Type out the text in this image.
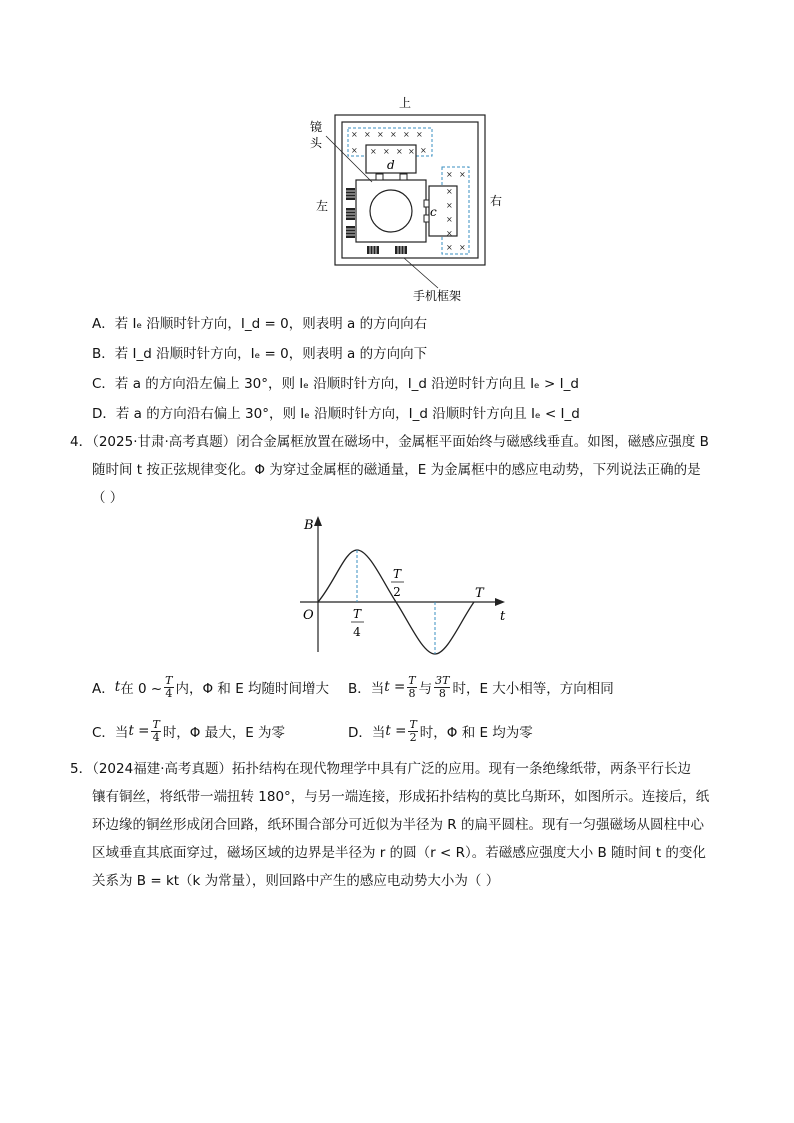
× × × × × ×
×	×
× × × ×
× ×
× ×
×
×
×
×
上
左	右
镜
头
d
c
手机框架
A．若 Iₑ 沿顺时针方向，I_d = 0，则表明 a 的方向向右
B．若 I_d 沿顺时针方向，Iₑ = 0，则表明 a 的方向向下
C．若 a 的方向沿左偏上 30°，则 Iₑ 沿顺时针方向，I_d 沿逆时针方向且 Iₑ > I_d
D．若 a 的方向沿右偏上 30°，则 Iₑ 沿顺时针方向，I_d 沿顺时针方向且 Iₑ < I_d
4．（2025·甘肃·高考真题）闭合金属框放置在磁场中，金属框平面始终与磁感线垂直。如图，磁感应强度 B
随时间 t 按正弦规律变化。Φ 为穿过金属框的磁通量，E 为金属框中的感应电动势，下列说法正确的是
（ ）
B
t
O
T
T
2
T
4
A． t 在 0 ~
T
4 内，Φ 和 E 均随时间增大 B．当 $t = \frac{T}{8}$ 与
3T
8 时，E 大小相等，方向相同
C．当 $t = \frac{T}{4}$ 时，Φ 最大，E 为零	D．当 $t = \frac{T}{2}$ 时，Φ 和 E 均为零
5．（2024福建·高考真题）拓扑结构在现代物理学中具有广泛的应用。现有一条绝缘纸带，两条平行长边
镶有铜丝，将纸带一端扭转 180°，与另一端连接，形成拓扑结构的莫比乌斯环，如图所示。连接后，纸
环边缘的铜丝形成闭合回路，纸环围合部分可近似为半径为 R 的扁平圆柱。现有一匀强磁场从圆柱中心
区域垂直其底面穿过，磁场区域的边界是半径为 r 的圆（r < R）。若磁感应强度大小 B 随时间 t 的变化
关系为 B = kt（k 为常量），则回路中产生的感应电动势大小为（ ）
